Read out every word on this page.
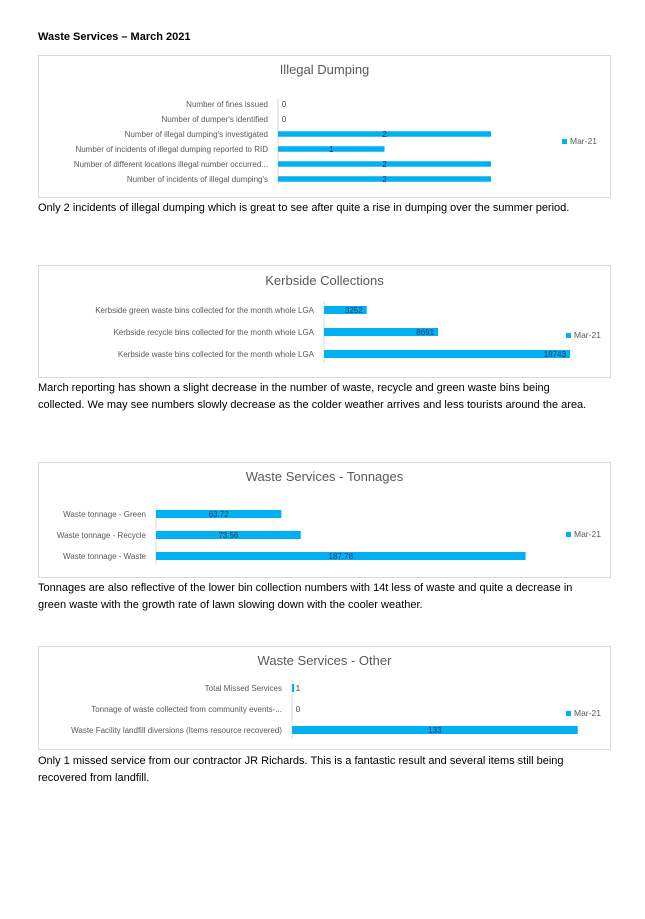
Waste Services – March 2021
Illegal Dumping
Number of fines issued 0
Number of dumper's identified 0
Number of illegal dumping's investigated	2
Number of incidents of illegal dumping reported to RID	1
Number of different locations illegal number occurred...	2
Number of incidents of illegal dumping's	2
Mar-21

Only 2 incidents of illegal dumping which is great to see after quite a rise in dumping over the summer period.

Kerbside Collections
Kerbside green waste bins collected for the month whole LGA	3252
Kerbside recycle bins collected for the month whole LGA	8691
Kerbside waste bins collected for the month whole LGA	18743
Mar-21

March reporting has shown a slight decrease in the number of waste, recycle and green waste bins being collected. We may see numbers slowly decrease as the colder weather arrives and less tourists around the area.

Waste Services - Tonnages
Waste tonnage - Green	63.72
Waste tonnage - Recycle	73.56
Waste tonnage - Waste	187.78
Mar-21

Tonnages are also reflective of the lower bin collection numbers with 14t less of waste and quite a decrease in green waste with the growth rate of lawn slowing down with the cooler weather.

Waste Services - Other
Total Missed Services 1
Tonnage of waste collected from community events-... 0
Waste Facility landfill diversions (Items resource recovered)	133
Mar-21

Only 1 missed service from our contractor JR Richards. This is a fantastic result and several items still being recovered from landfill.
